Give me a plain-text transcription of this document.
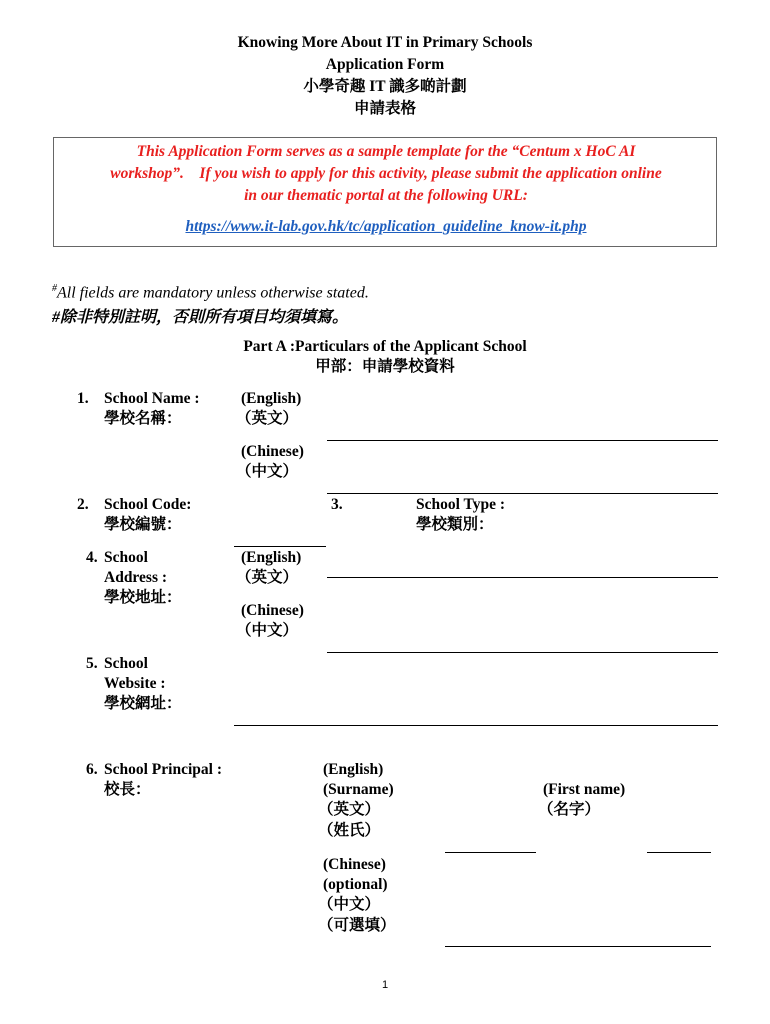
Knowing More About IT in Primary Schools
Application Form
小學奇趣 IT 識多啲計劃
申請表格
This Application Form serves as a sample template for the “Centum x HoC AI
workshop”.    If you wish to apply for this activity, please submit the application online
in our thematic portal at the following URL:
https://www.it-lab.gov.hk/tc/application_guideline_know-it.php
#All fields are mandatory unless otherwise stated.
#除非特別註明，否則所有項目均須填寫。
Part A :Particulars of the Applicant School
甲部：申請學校資料
1. School Name :
學校名稱：
(English)
（英文）
(Chinese)
（中文）
2. School Code:
學校編號：
3.	School Type :
學校類別：
4. School
Address :
學校地址：
(English)
（英文）
(Chinese)
（中文）
5. School
Website :
學校網址：
6. School Principal :
校長：
(English)
(Surname)
（英文）
（姓氏）
(First name)
（名字）
(Chinese)
(optional)
（中文）
（可選填）
1
